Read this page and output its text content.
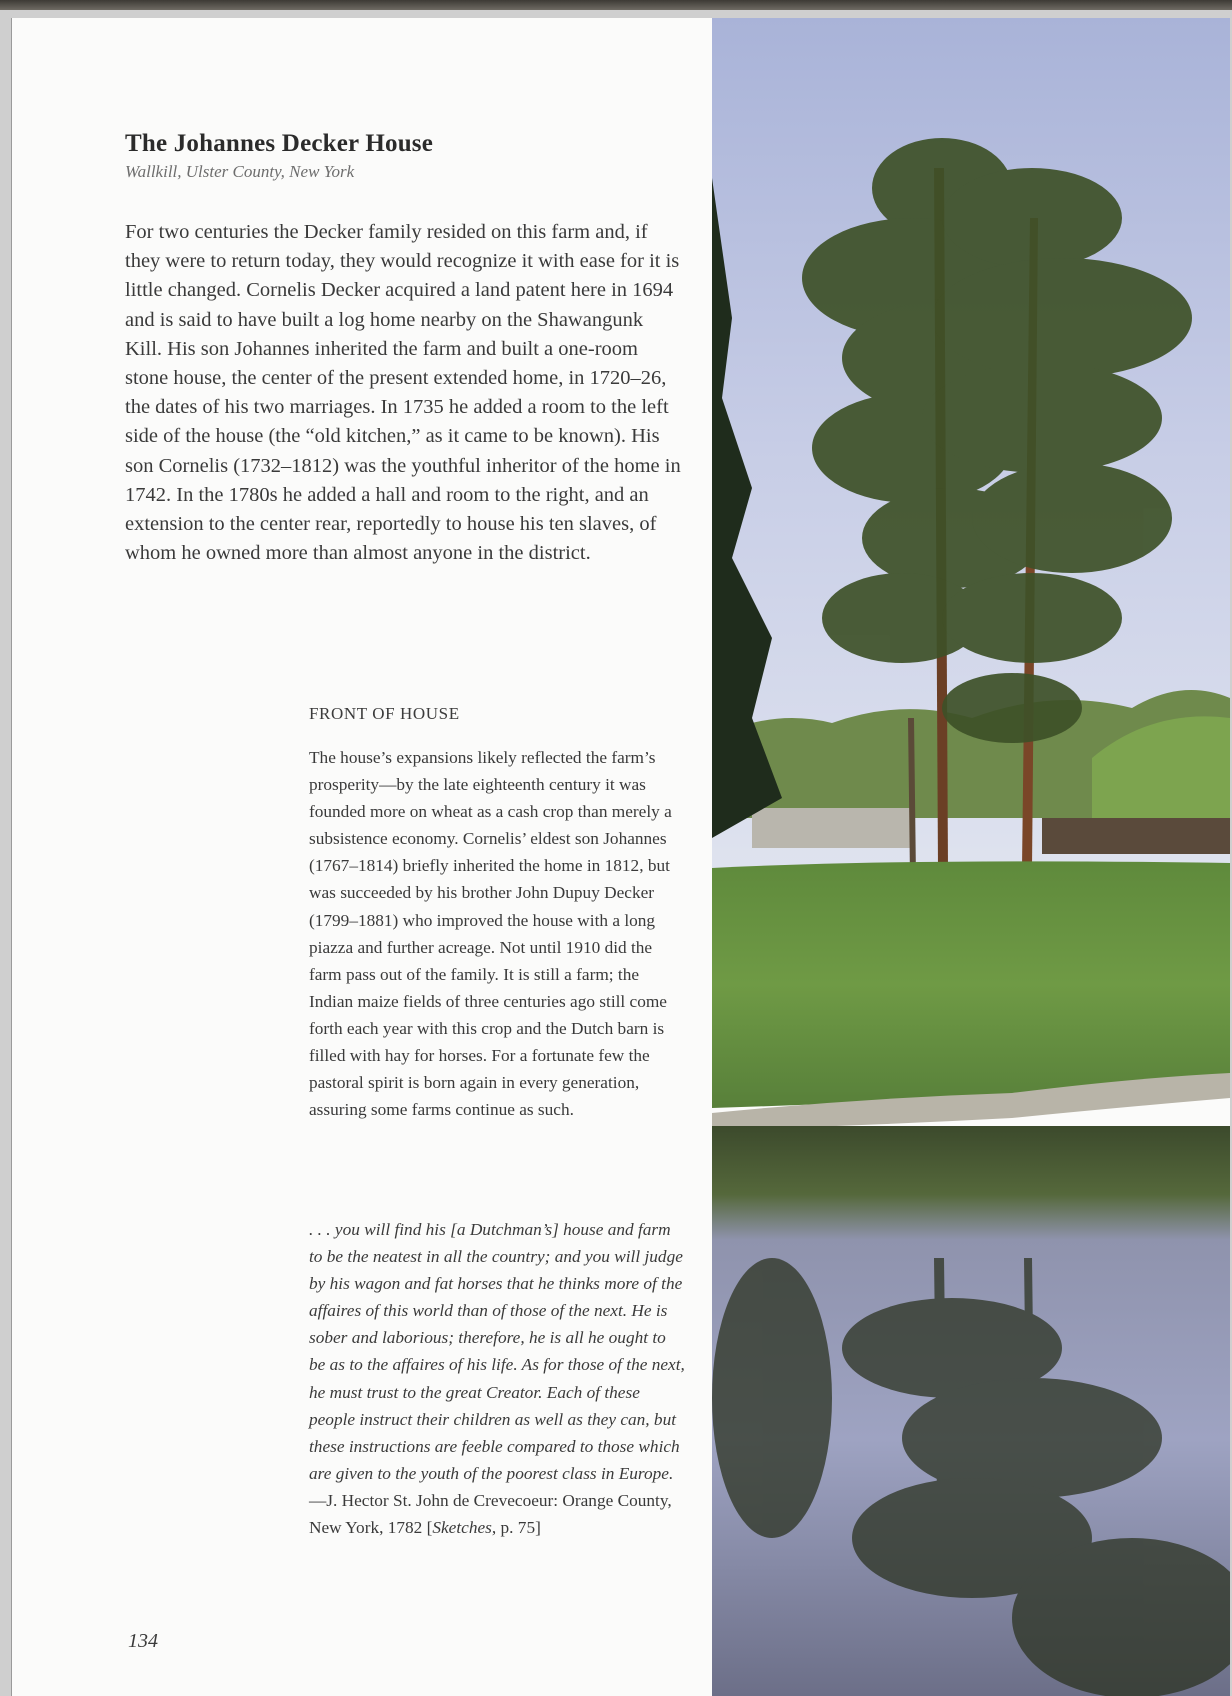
The Johannes Decker House

Wallkill, Ulster County, New York

For two centuries the Decker family resided on this farm and, if they were to return today, they would recognize it with ease for it is little changed. Cornelis Decker acquired a land patent here in 1694 and is said to have built a log home nearby on the Shawangunk Kill. His son Johannes inherited the farm and built a one-room stone house, the center of the present extended home, in 1720–26, the dates of his two marriages. In 1735 he added a room to the left side of the house (the “old kitchen,” as it came to be known). His son Cornelis (1732–1812) was the youthful inheritor of the home in 1742. In the 1780s he added a hall and room to the right, and an extension to the center rear, reportedly to house his ten slaves, of whom he owned more than almost anyone in the district.

FRONT OF HOUSE

The house’s expansions likely reflected the farm’s prosperity—by the late eighteenth century it was founded more on wheat as a cash crop than merely a subsistence economy. Cornelis’ eldest son Johannes (1767–1814) briefly inherited the home in 1812, but was succeeded by his brother John Dupuy Decker (1799–1881) who improved the house with a long piazza and further acreage. Not until 1910 did the farm pass out of the family. It is still a farm; the Indian maize fields of three centuries ago still come forth each year with this crop and the Dutch barn is filled with hay for horses. For a fortunate few the pastoral spirit is born again in every generation, assuring some farms continue as such.

. . . you will find his [a Dutchman’s] house and farm to be the neatest in all the country; and you will judge by his wagon and fat horses that he thinks more of the affaires of this world than of those of the next. He is sober and laborious; therefore, he is all he ought to be as to the affaires of his life. As for those of the next, he must trust to the great Creator. Each of these people instruct their children as well as they can, but these instructions are feeble compared to those which are given to the youth of the poorest class in Europe. —J. Hector St. John de Crevecoeur: Orange County, New York, 1782 [Sketches, p. 75]

134
